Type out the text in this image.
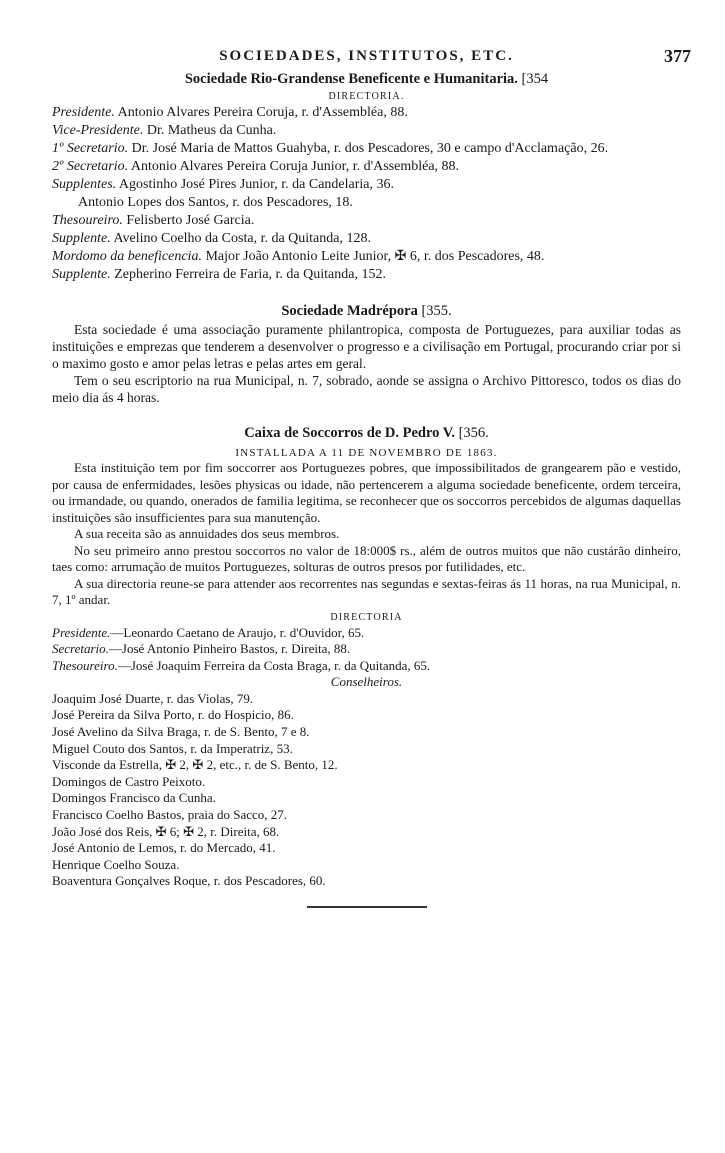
SOCIEDADES, INSTITUTOS, ETC.	377
Sociedade Rio-Grandense Beneficente e Humanitaria. [354
DIRECTORIA.
Presidente. Antonio Alvares Pereira Coruja, r. d'Assembléa, 88.
Vice-Presidente. Dr. Matheus da Cunha.
1º Secretario. Dr. José Maria de Mattos Guahyba, r. dos Pescadores, 30 e campo d'Acclamação, 26.
2º Secretario. Antonio Alvares Pereira Coruja Junior, r. d'Assembléa, 88.
Supplentes. Agostinho José Pires Junior, r. da Candelaria, 36.
Antonio Lopes dos Santos, r. dos Pescadores, 18.
Thesoureiro. Felisberto José Garcia.
Supplente. Avelino Coelho da Costa, r. da Quitanda, 128.
Mordomo da beneficencia. Major João Antonio Leite Junior, ✠ 6, r. dos Pescadores, 48.
Supplente. Zepherino Ferreira de Faria, r. da Quitanda, 152.
Sociedade Madrépora [355.
Esta sociedade é uma associação puramente philantropica, composta de Portuguezes, para auxiliar todas as instituições e emprezas que tenderem a desenvolver o progresso e a civilisação em Portugal, procurando criar por si o maximo gosto e amor pelas letras e pelas artes em geral.
Tem o seu escriptorio na rua Municipal, n. 7, sobrado, aonde se assigna o Archivo Pittoresco, todos os dias do meio dia ás 4 horas.
Caixa de Soccorros de D. Pedro V. [356.
INSTALLADA A 11 DE NOVEMBRO DE 1863.
Esta instituição tem por fim soccorrer aos Portuguezes pobres, que impossibilitados de grangearem pão e vestido, por causa de enfermidades, lesões physicas ou idade, não pertencerem a alguma sociedade beneficente, ordem terceira, ou irmandade, ou quando, onerados de familia legitima, se reconhecer que os soccorros percebidos de algumas daquellas instituições são insufficientes para sua manutenção.
A sua receita são as annuidades dos seus membros.
No seu primeiro anno prestou soccorros no valor de 18:000$ rs., além de outros muitos que não custárão dinheiro, taes como: arrumação de muitos Portuguezes, solturas de outros presos por futilidades, etc.
A sua directoria reune-se para attender aos recorrentes nas segundas e sextas-feiras ás 11 horas, na rua Municipal, n. 7, 1º andar.
DIRECTORIA
Presidente.—Leonardo Caetano de Araujo, r. d'Ouvidor, 65.
Secretario.—José Antonio Pinheiro Bastos, r. Direita, 88.
Thesoureiro.—José Joaquim Ferreira da Costa Braga, r. da Quitanda, 65.
Conselheiros.
Joaquim José Duarte, r. das Violas, 79.
José Pereira da Silva Porto, r. do Hospicio, 86.
José Avelino da Silva Braga, r. de S. Bento, 7 e 8.
Miguel Couto dos Santos, r. da Imperatriz, 53.
Visconde da Estrella, ✠ 2, ✠ 2, etc., r. de S. Bento, 12.
Domingos de Castro Peixoto.
Domingos Francisco da Cunha.
Francisco Coelho Bastos, praia do Sacco, 27.
João José dos Reis, ✠ 6; ✠ 2, r. Direita, 68.
José Antonio de Lemos, r. do Mercado, 41.
Henrique Coelho Souza.
Boaventura Gonçalves Roque, r. dos Pescadores, 60.
